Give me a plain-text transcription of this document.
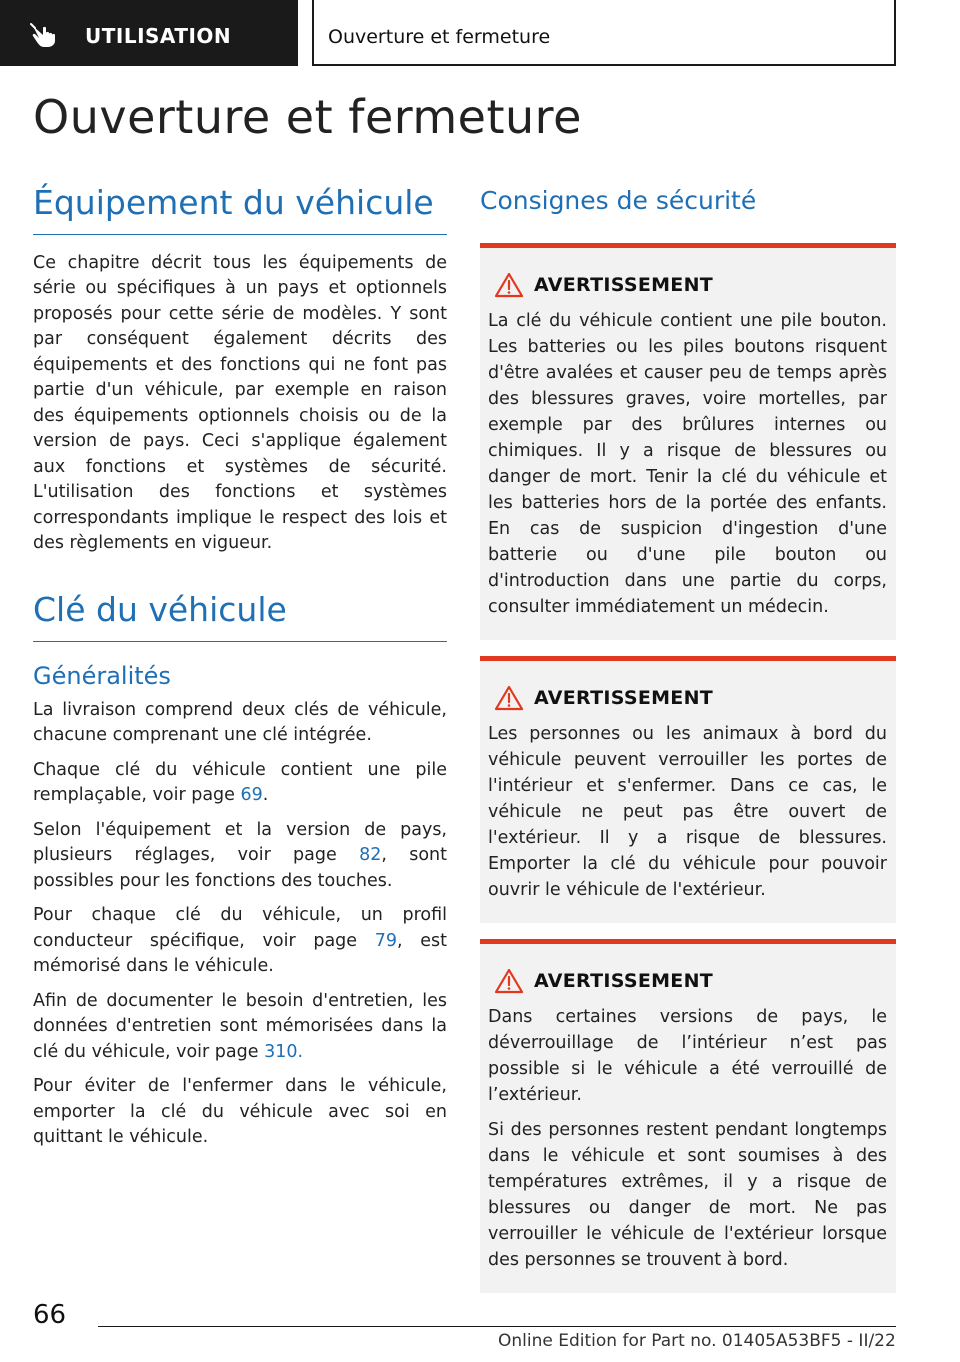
UTILISATION	Ouverture et fermeture
Ouverture et fermeture
Équipement du véhicule

Ce chapitre décrit tous les équipements de série ou spécifiques à un pays et optionnels proposés pour cette série de modèles. Y sont par conséquent également décrits des équipements et des fonctions qui ne font pas partie d'un véhicule, par exemple en raison des équipements optionnels choisis ou de la version de pays. Ceci s'applique également aux fonctions et systèmes de sécurité. L'utilisation des fonctions et systèmes correspondants implique le respect des lois et des règlements en vigueur.

Clé du véhicule
Généralités

La livraison comprend deux clés de véhicule, chacune comprenant une clé intégrée.

Chaque clé du véhicule contient une pile remplaçable, voir page 69.

Selon l'équipement et la version de pays, plusieurs réglages, voir page 82, sont possibles pour les fonctions des touches.

Pour chaque clé du véhicule, un profil conducteur spécifique, voir page 79, est mémorisé dans le véhicule.

Afin de documenter le besoin d'entretien, les données d'entretien sont mémorisées dans la clé du véhicule, voir page 310.

Pour éviter de l'enfermer dans le véhicule, emporter la clé du véhicule avec soi en quittant le véhicule.

Consignes de sécurité
AVERTISSEMENT

La clé du véhicule contient une pile bouton. Les batteries ou les piles boutons risquent d'être avalées et causer peu de temps après des blessures graves, voire mortelles, par exemple par des brûlures internes ou chimiques. Il y a risque de blessures ou danger de mort. Tenir la clé du véhicule et les batteries hors de la portée des enfants. En cas de suspicion d'ingestion d'une batterie ou d'une pile bouton ou d'introduction dans une partie du corps, consulter immédiatement un médecin.

AVERTISSEMENT

Les personnes ou les animaux à bord du véhicule peuvent verrouiller les portes de l'intérieur et s'enfermer. Dans ce cas, le véhicule ne peut pas être ouvert de l'extérieur. Il y a risque de blessures. Emporter la clé du véhicule pour pouvoir ouvrir le véhicule de l'extérieur.

AVERTISSEMENT

Dans certaines versions de pays, le déverrouillage de l’intérieur n’est pas possible si le véhicule a été verrouillé de l’extérieur.

Si des personnes restent pendant longtemps dans le véhicule et sont soumises à des températures extrêmes, il y a risque de blessures ou danger de mort. Ne pas verrouiller le véhicule de l'extérieur lorsque des personnes se trouvent à bord.

66
Online Edition for Part no. 01405A53BF5 - II/22
